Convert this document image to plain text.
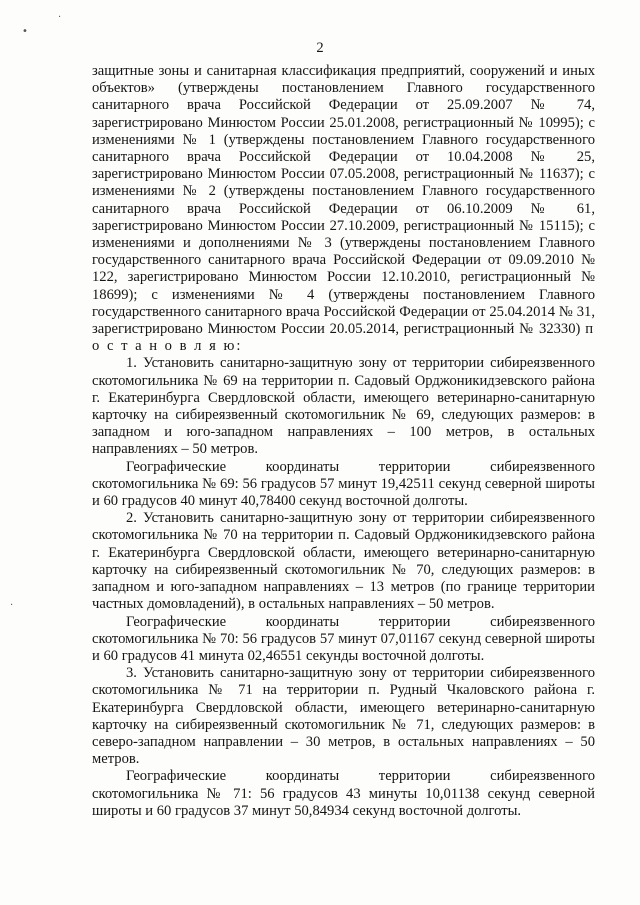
•
·
·
2

защитные зоны и санитарная классификация предприятий, сооружений и иных объектов» (утверждены постановлением Главного государственного санитарного врача Российской Федерации от 25.09.2007 № 74, зарегистрировано Минюстом России 25.01.2008, регистрационный № 10995); с изменениями № 1 (утверждены постановлением Главного государственного санитарного врача Российской Федерации от 10.04.2008 № 25, зарегистрировано Минюстом России 07.05.2008, регистрационный № 11637); с изменениями № 2 (утверждены постановлением Главного государственного санитарного врача Российской Федерации от 06.10.2009 № 61, зарегистрировано Минюстом России 27.10.2009, регистрационный № 15115); с изменениями и дополнениями № 3 (утверждены постановлением Главного государственного санитарного врача Российской Федерации от 09.09.2010 № 122, зарегистрировано Минюстом России 12.10.2010, регистрационный № 18699); с изменениями № 4 (утверждены постановлением Главного государственного санитарного врача Российской Федерации от 25.04.2014 № 31, зарегистрировано Минюстом России 20.05.2014, регистрационный № 32330) п о с т а н о в л я ю:

1. Установить санитарно-защитную зону от территории сибиреязвенного скотомогильника № 69 на территории п. Садовый Орджоникидзевского района г. Екатеринбурга Свердловской области, имеющего ветеринарно-санитарную карточку на сибиреязвенный скотомогильник № 69, следующих размеров: в западном и юго-западном направлениях – 100 метров, в остальных направлениях – 50 метров.

Географические координаты территории сибиреязвенного скотомогильника № 69: 56 градусов 57 минут 19,42511 секунд северной широты и 60 градусов 40 минут 40,78400 секунд восточной долготы.

2. Установить санитарно-защитную зону от территории сибиреязвенного скотомогильника № 70 на территории п. Садовый Орджоникидзевского района г. Екатеринбурга Свердловской области, имеющего ветеринарно-санитарную карточку на сибиреязвенный скотомогильник № 70, следующих размеров: в западном и юго-западном направлениях – 13 метров (по границе территории частных домовладений), в остальных направлениях – 50 метров.

Географические координаты территории сибиреязвенного скотомогильника № 70: 56 градусов 57 минут 07,01167 секунд северной широты и 60 градусов 41 минута 02,46551 секунды восточной долготы.

3. Установить санитарно-защитную зону от территории сибиреязвенного скотомогильника № 71 на территории п. Рудный Чкаловского района г. Екатеринбурга Свердловской области, имеющего ветеринарно-санитарную карточку на сибиреязвенный скотомогильник № 71, следующих размеров: в северо-западном направлении – 30 метров, в остальных направлениях – 50 метров.

Географические координаты территории сибиреязвенного скотомогильника № 71: 56 градусов 43 минуты 10,01138 секунд северной широты и 60 градусов 37 минут 50,84934 секунд восточной долготы.
